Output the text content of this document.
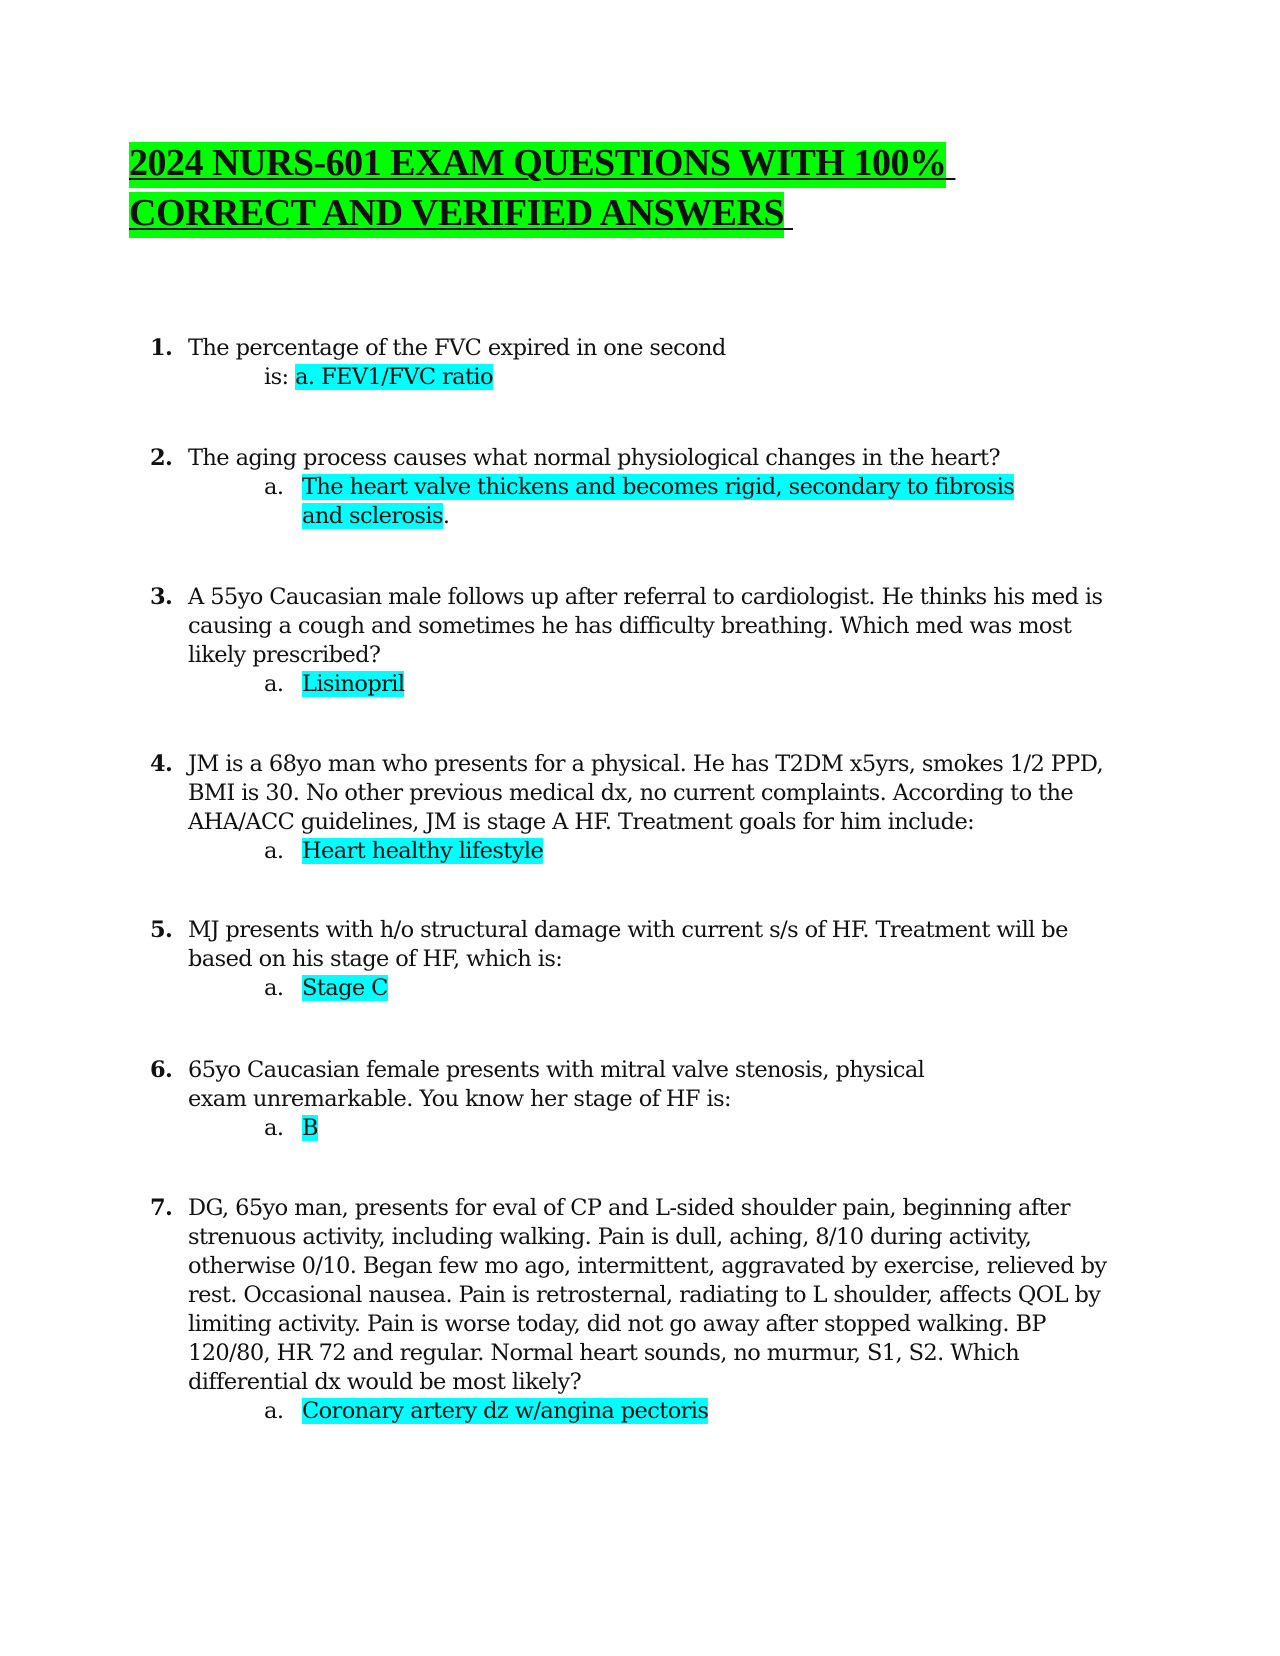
2024 NURS-601 EXAM QUESTIONS WITH 100%
CORRECT AND VERIFIED ANSWERS
1. The percentage of the FVC expired in one second
is: a. FEV1/FVC ratio
2. The aging process causes what normal physiological changes in the heart?
a. The heart valve thickens and becomes rigid, secondary to fibrosis
and sclerosis.
3. A 55yo Caucasian male follows up after referral to cardiologist. He thinks his med is
causing a cough and sometimes he has difficulty breathing. Which med was most
likely prescribed?
a. Lisinopril
4. JM is a 68yo man who presents for a physical. He has T2DM x5yrs, smokes 1/2 PPD,
BMI is 30. No other previous medical dx, no current complaints. According to the
AHA/ACC guidelines, JM is stage A HF. Treatment goals for him include:
a. Heart healthy lifestyle
5. MJ presents with h/o structural damage with current s/s of HF. Treatment will be
based on his stage of HF, which is:
a. Stage C
6. 65yo Caucasian female presents with mitral valve stenosis, physical
exam unremarkable. You know her stage of HF is:
a. B
7. DG, 65yo man, presents for eval of CP and L-sided shoulder pain, beginning after
strenuous activity, including walking. Pain is dull, aching, 8/10 during activity,
otherwise 0/10. Began few mo ago, intermittent, aggravated by exercise, relieved by
rest. Occasional nausea. Pain is retrosternal, radiating to L shoulder, affects QOL by
limiting activity. Pain is worse today, did not go away after stopped walking. BP
120/80, HR 72 and regular. Normal heart sounds, no murmur, S1, S2. Which
differential dx would be most likely?
a. Coronary artery dz w/angina pectoris
